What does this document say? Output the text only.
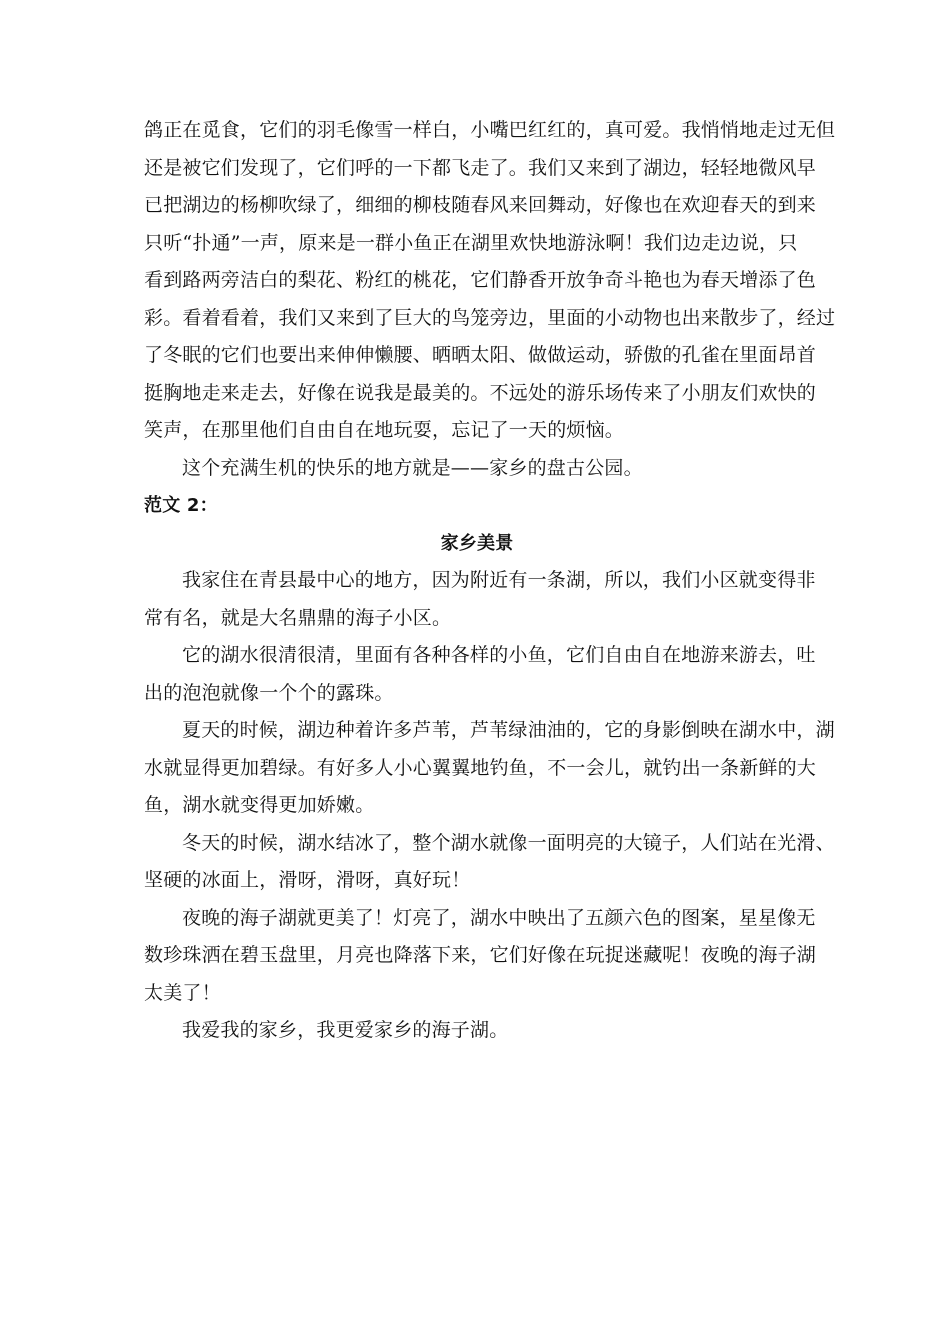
鸽正在觅食，它们的羽毛像雪一样白，小嘴巴红红的，真可爱。我悄悄地走过无但
还是被它们发现了，它们呼的一下都飞走了。我们又来到了湖边，轻轻地微风早
已把湖边的杨柳吹绿了，细细的柳枝随春风来回舞动，好像也在欢迎春天的到来
只听“扑通”一声，原来是一群小鱼正在湖里欢快地游泳啊！我们边走边说，只
看到路两旁洁白的梨花、粉红的桃花，它们静香开放争奇斗艳也为春天增添了色
彩。看着看着，我们又来到了巨大的鸟笼旁边，里面的小动物也出来散步了，经过
了冬眠的它们也要出来伸伸懒腰、晒晒太阳、做做运动，骄傲的孔雀在里面昂首
挺胸地走来走去，好像在说我是最美的。不远处的游乐场传来了小朋友们欢快的
笑声，在那里他们自由自在地玩耍，忘记了一天的烦恼。
这个充满生机的快乐的地方就是——家乡的盘古公园。
范文 2：
家乡美景
我家住在青县最中心的地方，因为附近有一条湖，所以，我们小区就变得非
常有名，就是大名鼎鼎的海子小区。
它的湖水很清很清，里面有各种各样的小鱼，它们自由自在地游来游去，吐
出的泡泡就像一个个的露珠。
夏天的时候，湖边种着许多芦苇，芦苇绿油油的，它的身影倒映在湖水中，湖
水就显得更加碧绿。有好多人小心翼翼地钓鱼，不一会儿，就钓出一条新鲜的大
鱼，湖水就变得更加娇嫩。
冬天的时候，湖水结冰了，整个湖水就像一面明亮的大镜子，人们站在光滑、
坚硬的冰面上，滑呀，滑呀，真好玩！
夜晚的海子湖就更美了！灯亮了，湖水中映出了五颜六色的图案，星星像无
数珍珠洒在碧玉盘里，月亮也降落下来，它们好像在玩捉迷藏呢！夜晚的海子湖
太美了！
我爱我的家乡，我更爱家乡的海子湖。
